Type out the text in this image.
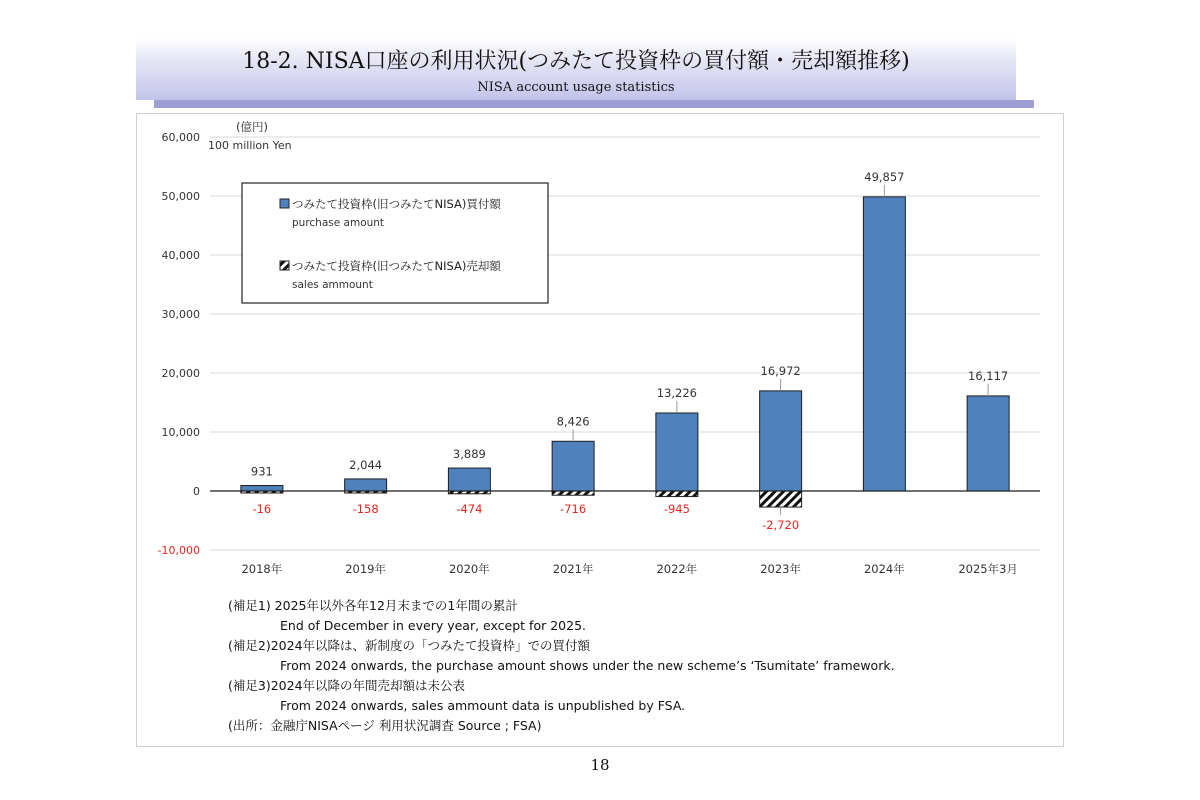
18-2. NISA口座の利用状況(つみたて投資枠の買付額・売却額推移)
NISA account usage statistics
-10,000
0
10,000
20,000
30,000
40,000
50,000
60,000
(億円)
100 million Yen
2018年	2019年	2020年	2021年	2022年	2023年	2024年	2025年3月
931	2,044
3,889
8,426
13,226
16,972
49,857
16,117
-16	-158	-474	-716	-945
-2,720
つみたて投資枠(旧つみたてNISA)買付額
purchase amount
つみたて投資枠(旧つみたてNISA)売却額
sales ammount
(補足1) 2025年以外各年12月末までの1年間の累計
End of December in every year, except for 2025.
(補足2)2024年以降は、新制度の「つみたて投資枠」での買付額
From 2024 onwards, the purchase amount shows under the new scheme’s ‘Tsumitate’ framework.
(補足3)2024年以降の年間売却額は未公表
From 2024 onwards, sales ammount data is unpublished by FSA.
(出所：金融庁NISAページ 利用状況調査 Source ; FSA)
18
